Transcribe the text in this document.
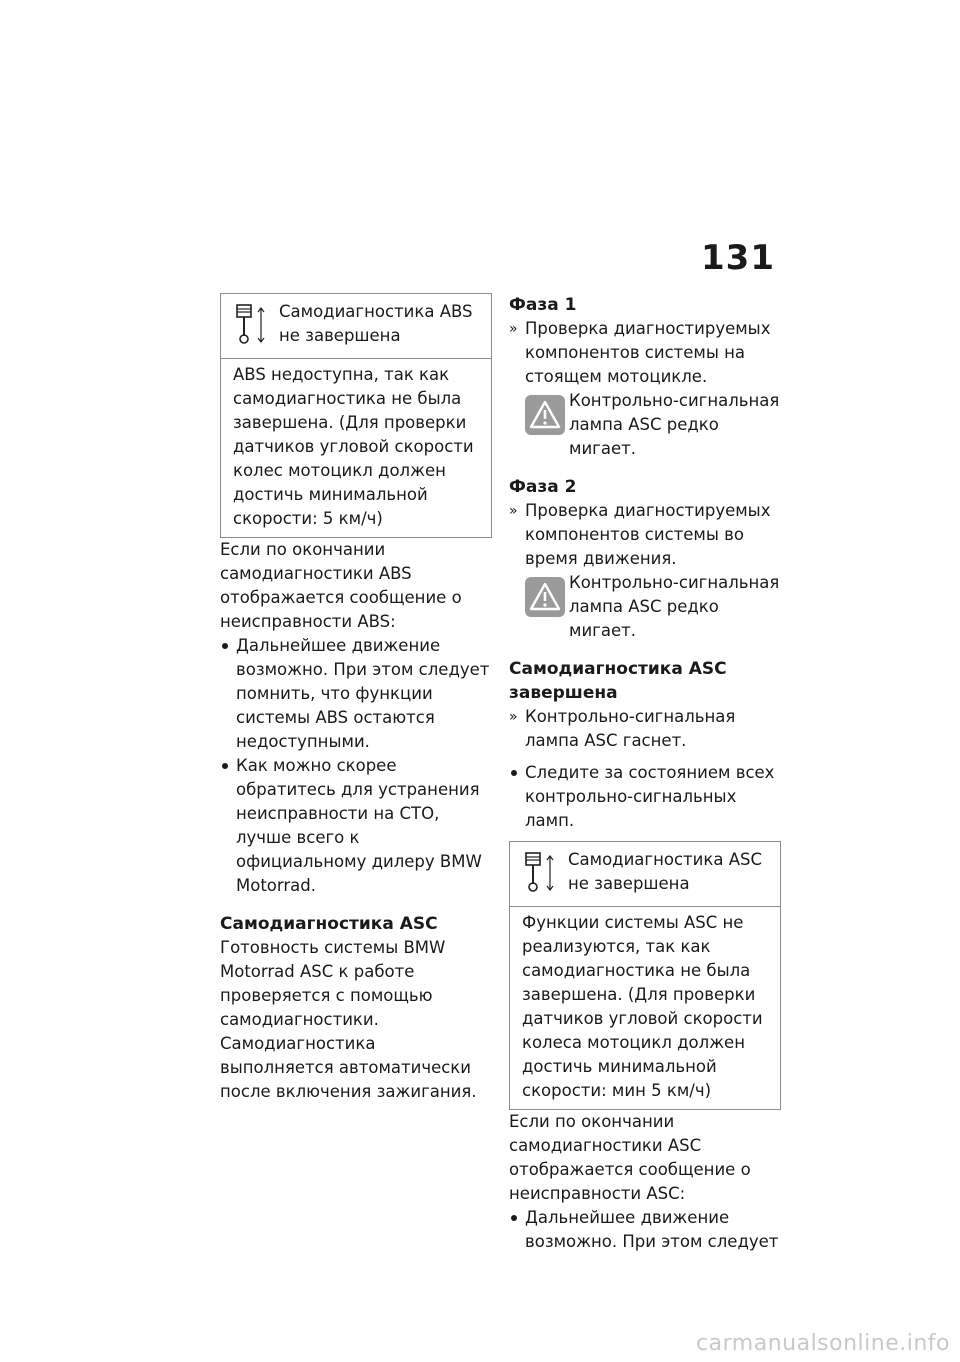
131
Самодиагностика ABS не завершена
ABS недоступна, так как самодиагностика не была завершена. (Для проверки датчиков угловой скорости колес мотоцикл должен достичь минимальной скорости: 5 км/ч)

Если по окончании самодиагностики ABS отображается сообщение о неисправности ABS:

Дальнейшее движение возможно. При этом следует помнить, что функции системы ABS остаются недоступными.
Как можно скорее обратитесь для устранения неисправности на СТО, лучше всего к официальному дилеру BMW Motorrad.
Самодиагностика ASC

Готовность системы BMW Motorrad ASC к работе проверяется с помощью самодиагностики. Самодиагностика выполняется автоматически после включения зажигания.

Фаза 1
» Проверка диагностируемых компонентов системы на стоящем мотоцикле.
Контрольно-сигнальная лампа ASC редко мигает.
Фаза 2
» Проверка диагностируемых компонентов системы во время движения.
Контрольно-сигнальная лампа ASC редко мигает.
Самодиагностика ASC завершена
» Контрольно-сигнальная лампа ASC гаснет.
Следите за состоянием всех контрольно-сигнальных ламп.
Самодиагностика ASC не завершена
Функции системы ASC не реализуются, так как самодиагностика не была завершена. (Для проверки датчиков угловой скорости колеса мотоцикл должен достичь минимальной скорости: мин 5 км/ч)

Если по окончании самодиагностики ASC отображается сообщение о неисправности ASC:

Дальнейшее движение возможно. При этом следует
carmanualsonline.info
